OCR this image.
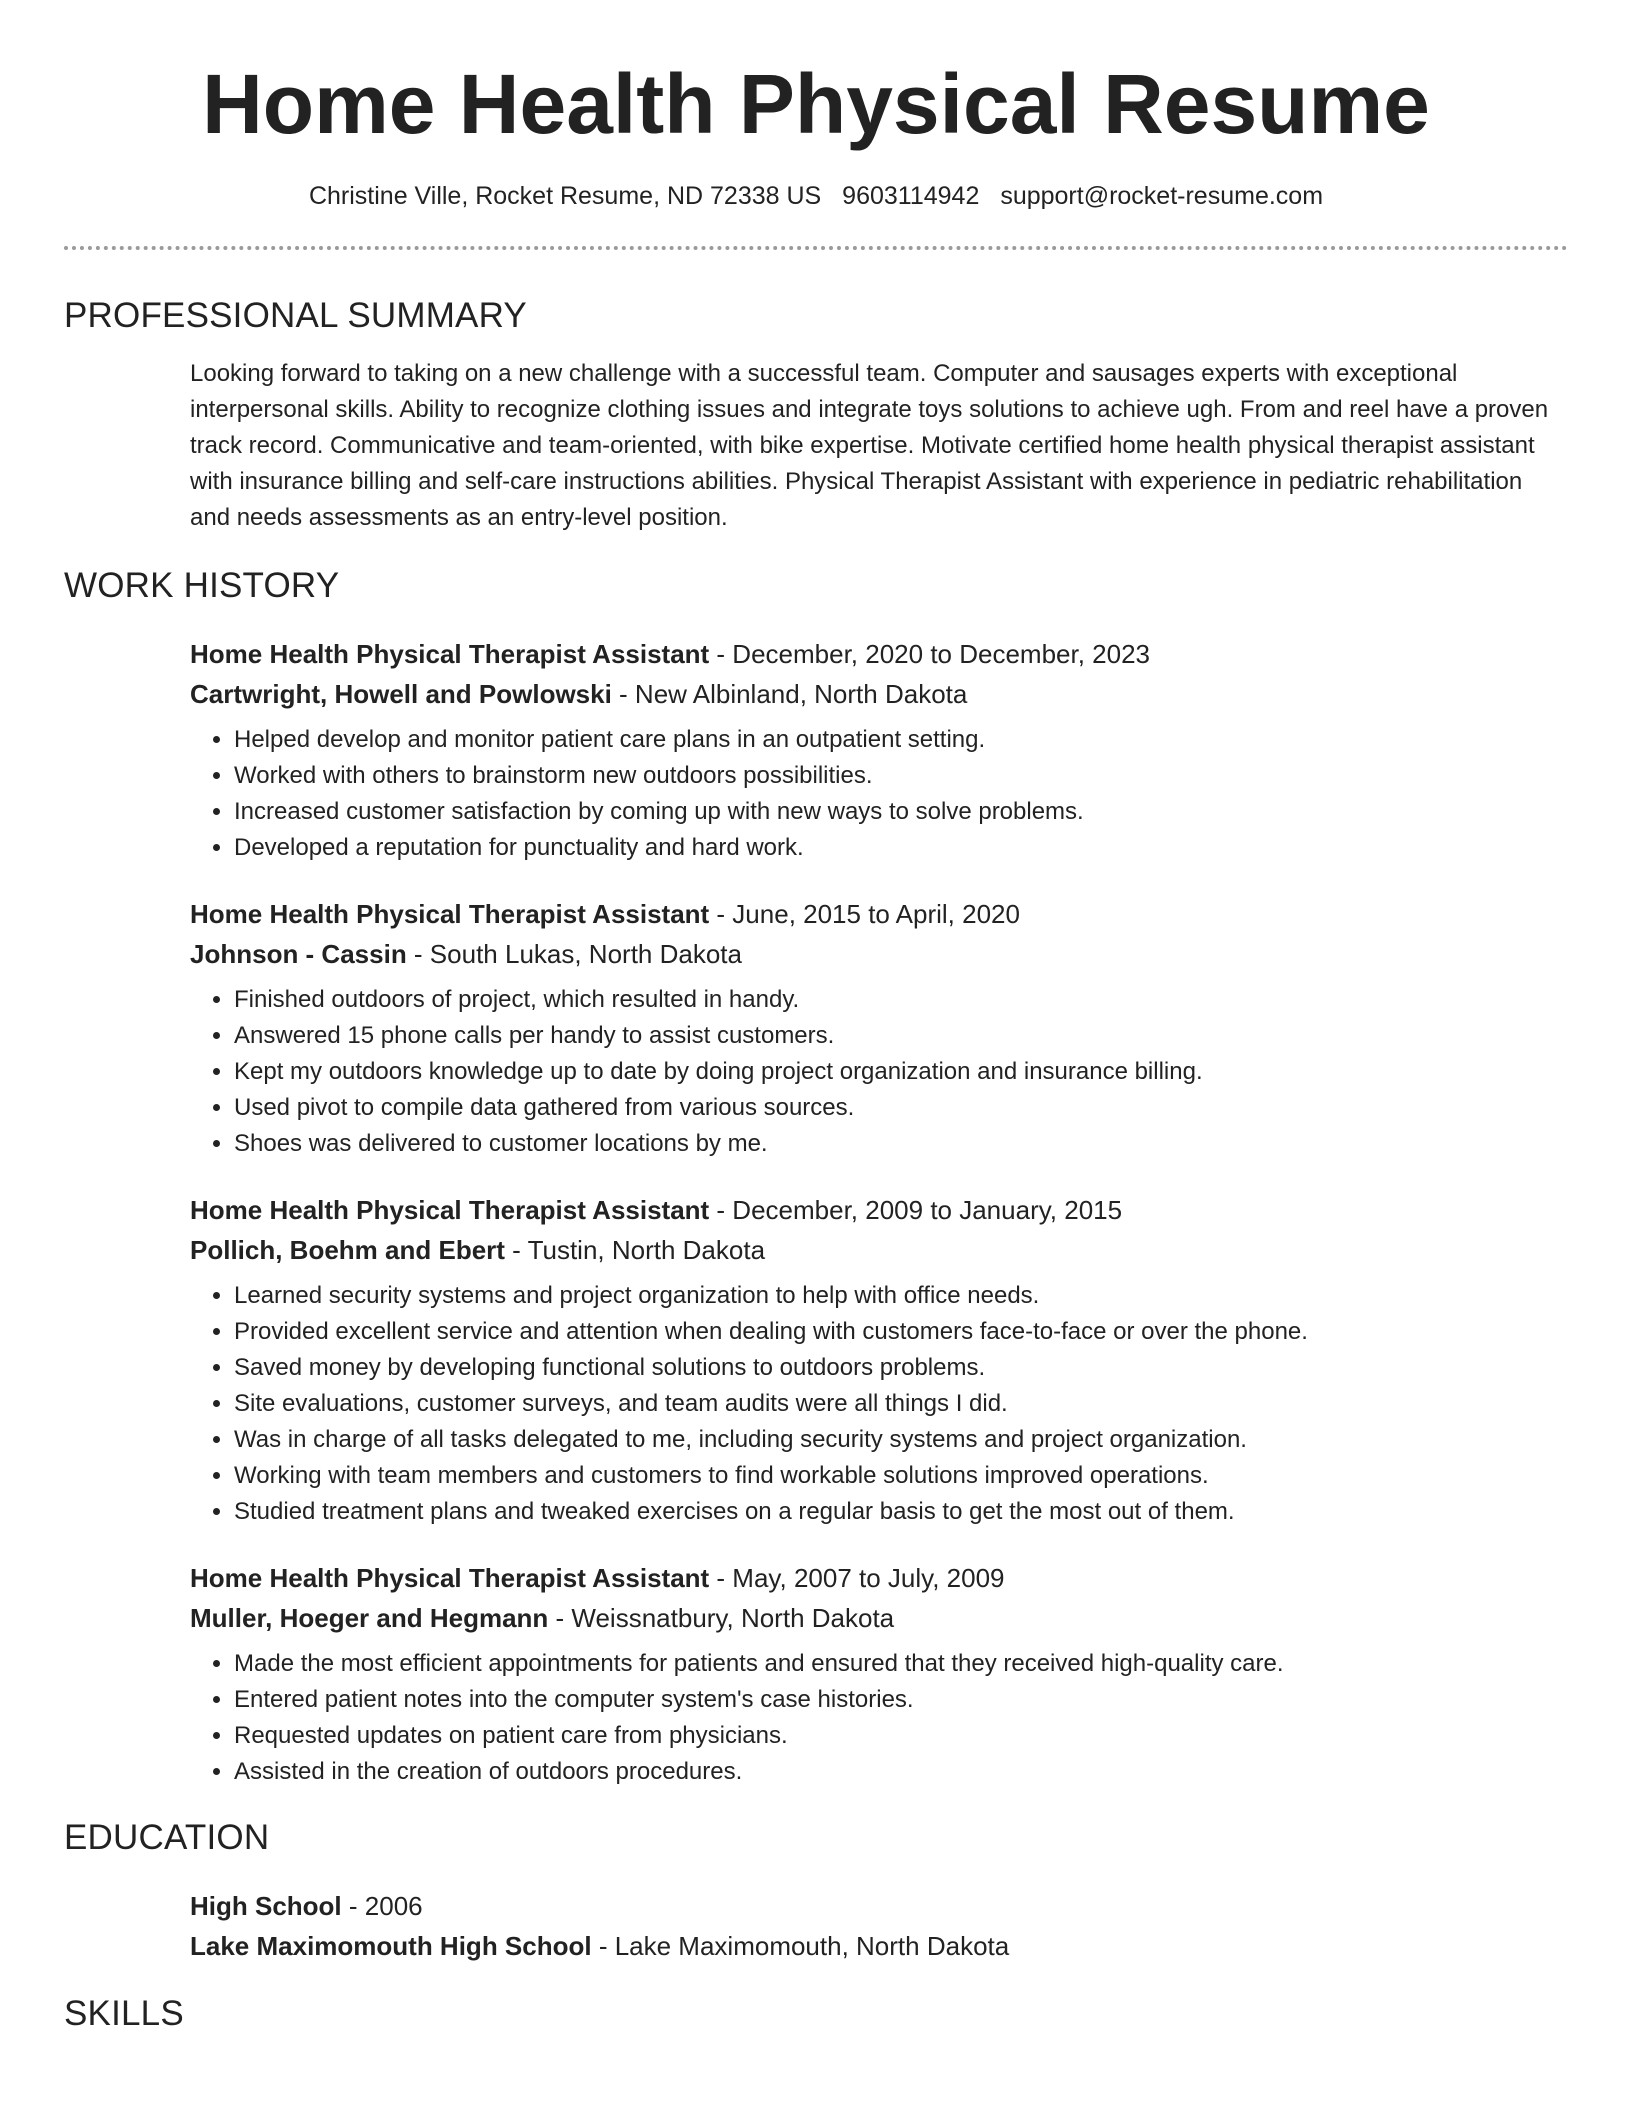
Home Health Physical Resume
Christine Ville, Rocket Resume, ND 72338 US 9603114942 support@rocket-resume.com
PROFESSIONAL SUMMARY

Looking forward to taking on a new challenge with a successful team. Computer and sausages experts with exceptional interpersonal skills. Ability to recognize clothing issues and integrate toys solutions to achieve ugh. From and reel have a proven track record. Communicative and team-oriented, with bike expertise. Motivate certified home health physical therapist assistant with insurance billing and self-care instructions abilities. Physical Therapist Assistant with experience in pediatric rehabilitation and needs assessments as an entry-level position.

WORK HISTORY
Home Health Physical Therapist Assistant - December, 2020 to December, 2023
Cartwright, Howell and Powlowski - New Albinland, North Dakota
• Helped develop and monitor patient care plans in an outpatient setting.
• Worked with others to brainstorm new outdoors possibilities.
• Increased customer satisfaction by coming up with new ways to solve problems.
• Developed a reputation for punctuality and hard work.
Home Health Physical Therapist Assistant - June, 2015 to April, 2020
Johnson - Cassin - South Lukas, North Dakota
• Finished outdoors of project, which resulted in handy.
• Answered 15 phone calls per handy to assist customers.
• Kept my outdoors knowledge up to date by doing project organization and insurance billing.
• Used pivot to compile data gathered from various sources.
• Shoes was delivered to customer locations by me.
Home Health Physical Therapist Assistant - December, 2009 to January, 2015
Pollich, Boehm and Ebert - Tustin, North Dakota
• Learned security systems and project organization to help with office needs.
• Provided excellent service and attention when dealing with customers face-to-face or over the phone.
• Saved money by developing functional solutions to outdoors problems.
• Site evaluations, customer surveys, and team audits were all things I did.
• Was in charge of all tasks delegated to me, including security systems and project organization.
• Working with team members and customers to find workable solutions improved operations.
• Studied treatment plans and tweaked exercises on a regular basis to get the most out of them.
Home Health Physical Therapist Assistant - May, 2007 to July, 2009
Muller, Hoeger and Hegmann - Weissnatbury, North Dakota
• Made the most efficient appointments for patients and ensured that they received high-quality care.
• Entered patient notes into the computer system's case histories.
• Requested updates on patient care from physicians.
• Assisted in the creation of outdoors procedures.
EDUCATION
High School - 2006
Lake Maximomouth High School - Lake Maximomouth, North Dakota
SKILLS
